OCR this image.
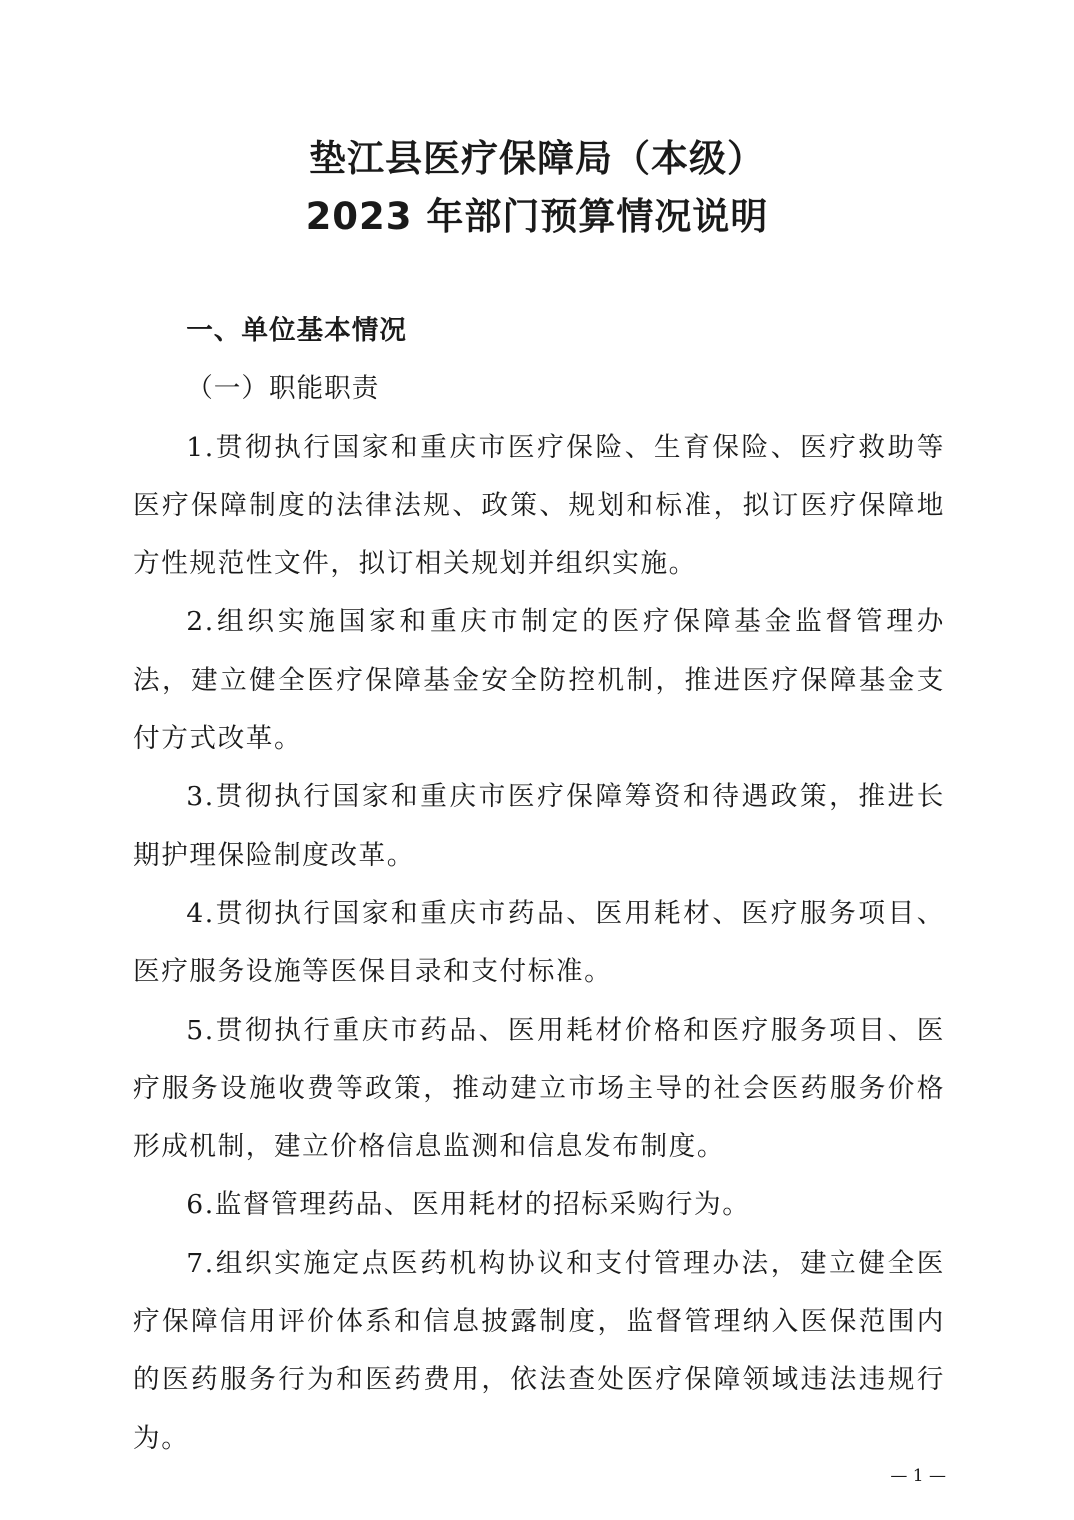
垫江县医疗保障局（本级）
2023 年部门预算情况说明

一、单位基本情况

（一）职能职责

1.贯彻执行国家和重庆市医疗保险、生育保险、医疗救助等医疗保障制度的法律法规、政策、规划和标准，拟订医疗保障地方性规范性文件，拟订相关规划并组织实施。

2.组织实施国家和重庆市制定的医疗保障基金监督管理办法，建立健全医疗保障基金安全防控机制，推进医疗保障基金支付方式改革。

3.贯彻执行国家和重庆市医疗保障筹资和待遇政策，推进长期护理保险制度改革。

4.贯彻执行国家和重庆市药品、医用耗材、医疗服务项目、医疗服务设施等医保目录和支付标准。

5.贯彻执行重庆市药品、医用耗材价格和医疗服务项目、医疗服务设施收费等政策，推动建立市场主导的社会医药服务价格形成机制，建立价格信息监测和信息发布制度。

6.监督管理药品、医用耗材的招标采购行为。

7.组织实施定点医药机构协议和支付管理办法，建立健全医疗保障信用评价体系和信息披露制度，监督管理纳入医保范围内的医药服务行为和医药费用，依法查处医疗保障领域违法违规行为。

— 1 —
